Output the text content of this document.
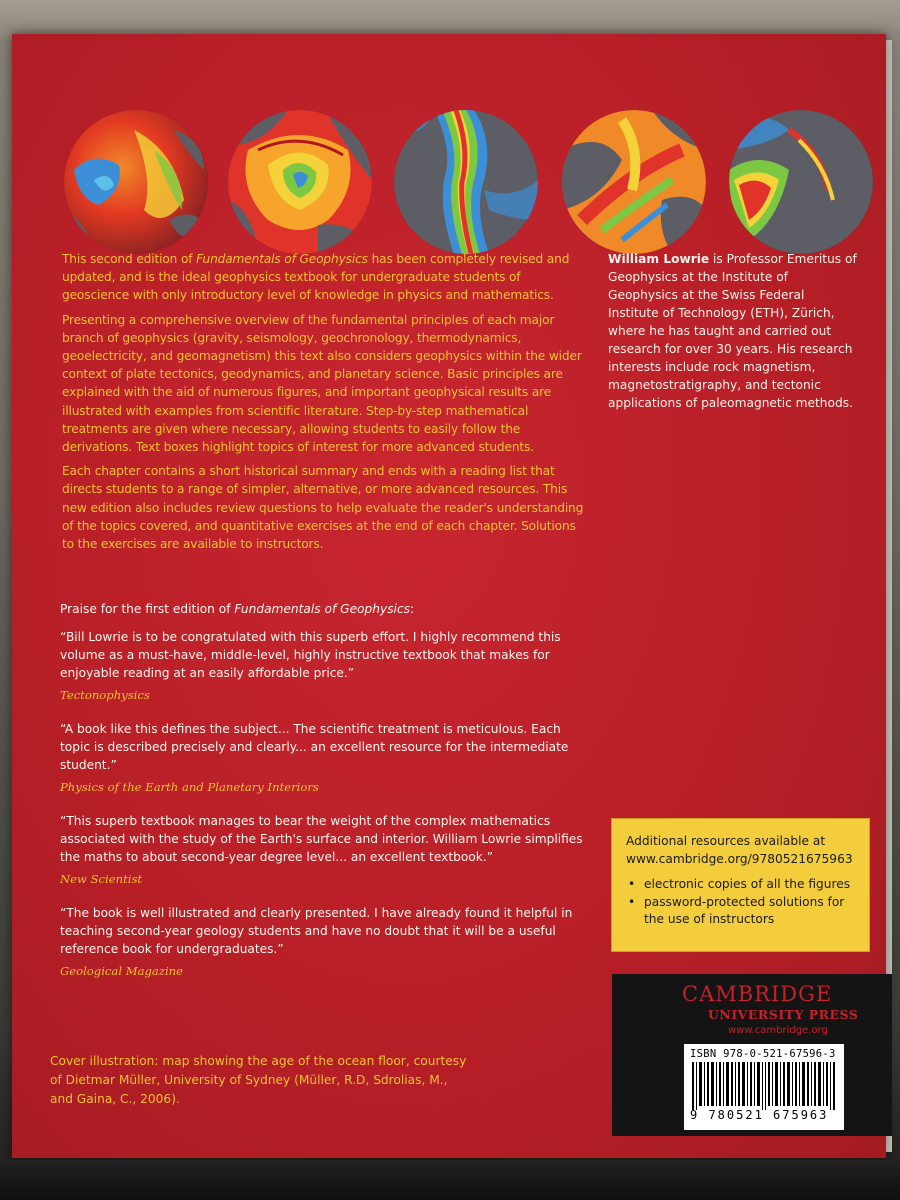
This second edition of Fundamentals of Geophysics has been completely revised and updated, and is the ideal geophysics textbook for undergraduate students of geoscience with only introductory level of knowledge in physics and mathematics.

Presenting a comprehensive overview of the fundamental principles of each major branch of geophysics (gravity, seismology, geochronology, thermodynamics, geoelectricity, and geomagnetism) this text also considers geophysics within the wider context of plate tectonics, geodynamics, and planetary science. Basic principles are explained with the aid of numerous figures, and important geophysical results are illustrated with examples from scientific literature. Step-by-step mathematical treatments are given where necessary, allowing students to easily follow the derivations. Text boxes highlight topics of interest for more advanced students.

Each chapter contains a short historical summary and ends with a reading list that directs students to a range of simpler, alternative, or more advanced resources. This new edition also includes review questions to help evaluate the reader's understanding of the topics covered, and quantitative exercises at the end of each chapter. Solutions to the exercises are available to instructors.

William Lowrie is Professor Emeritus of Geophysics at the Institute of Geophysics at the Swiss Federal Institute of Technology (ETH), Zürich, where he has taught and carried out research for over 30 years. His research interests include rock magnetism, magnetostratigraphy, and tectonic applications of paleomagnetic methods.
Praise for the first edition of Fundamentals of Geophysics:
“Bill Lowrie is to be congratulated with this superb effort. I highly recommend this volume as a must-have, middle-level, highly instructive textbook that makes for enjoyable reading at an easily affordable price.”
Tectonophysics
“A book like this defines the subject... The scientific treatment is meticulous. Each topic is described precisely and clearly... an excellent resource for the intermediate student.”
Physics of the Earth and Planetary Interiors
“This superb textbook manages to bear the weight of the complex mathematics associated with the study of the Earth's surface and interior. William Lowrie simplifies the maths to about second-year degree level... an excellent textbook.”
New Scientist
“The book is well illustrated and clearly presented. I have already found it helpful in teaching second-year geology students and have no doubt that it will be a useful reference book for undergraduates.”
Geological Magazine
Additional resources available at
www.cambridge.org/9780521675963
• electronic copies of all the figures
• password-protected solutions for the use of instructors
Cover illustration: map showing the age of the ocean floor, courtesy of Dietmar Müller, University of Sydney (Müller, R.D, Sdrolias, M., and Gaina, C., 2006).
CAMBRIDGE
UNIVERSITY PRESS
www.cambridge.org
ISBN 978-0-521-67596-3
9 780521 675963
